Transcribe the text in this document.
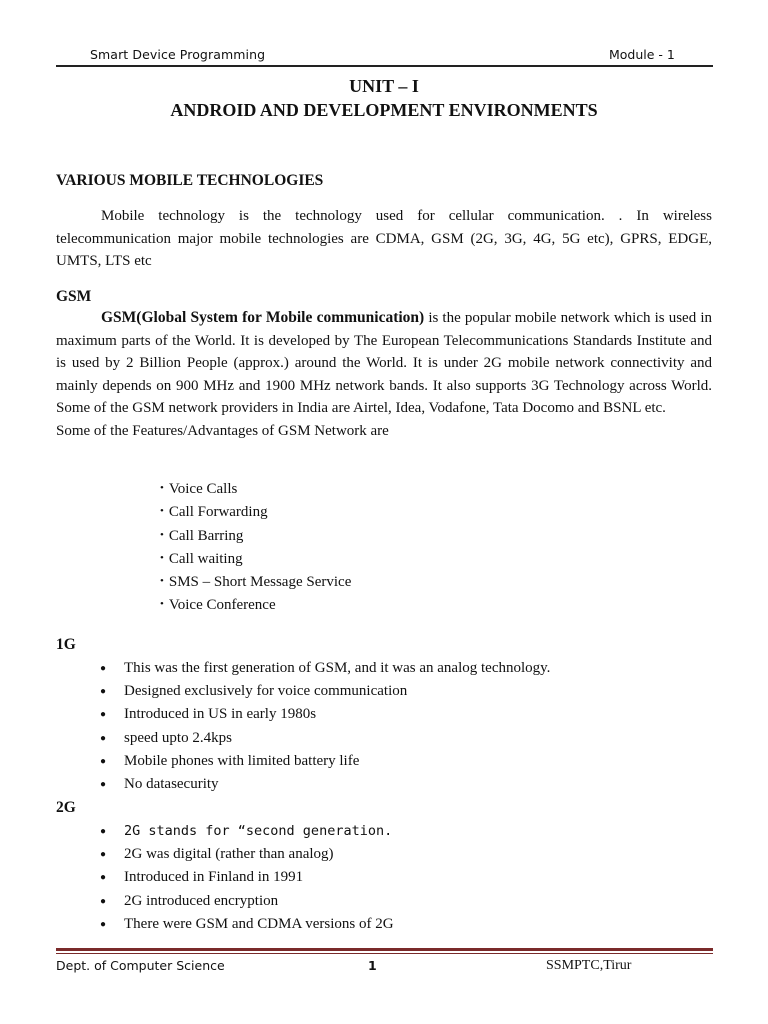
Smart Device Programming	Module - 1
UNIT – I
ANDROID AND DEVELOPMENT ENVIRONMENTS
VARIOUS MOBILE TECHNOLOGIES

Mobile technology is the technology used for cellular communication. . In wireless telecommunication major mobile technologies are CDMA, GSM (2G, 3G, 4G, 5G etc), GPRS, EDGE, UMTS, LTS etc

GSM

GSM(Global System for Mobile communication) is the popular mobile network which is used in maximum parts of the World. It is developed by The European Telecommunications Standards Institute and is used by 2 Billion People (approx.) around the World. It is under 2G mobile network connectivity and mainly depends on 900 MHz and 1900 MHz network bands. It also supports 3G Technology across World. Some of the GSM network providers in India are Airtel, Idea, Vodafone, Tata Docomo and BSNL etc.

Some of the Features/Advantages of GSM Network are

• Voice Calls
• Call Forwarding
• Call Barring
• Call waiting
• SMS – Short Message Service
• Voice Conference
1G
● This was the first generation of GSM, and it was an analog technology.
● Designed exclusively for voice communication
● Introduced in US in early 1980s
● speed upto 2.4kps
● Mobile phones with limited battery life
● No datasecurity
2G
● 2G stands for “second generation.
● 2G was digital (rather than analog)
● Introduced in Finland in 1991
● 2G introduced encryption
● There were GSM and CDMA versions of 2G
Dept. of Computer Science	1	SSMPTC,Tirur
